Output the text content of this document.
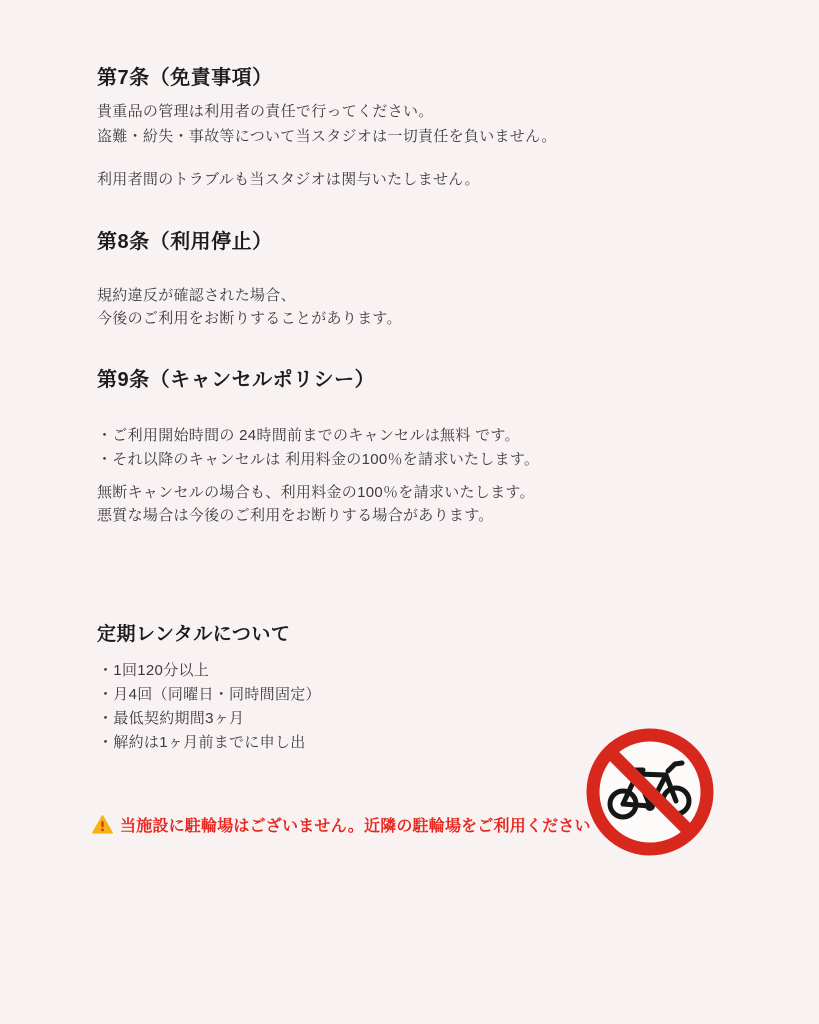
第7条（免責事項）

貴重品の管理は利用者の責任で行ってください。
盗難・紛失・事故等について当スタジオは一切責任を負いません。

利用者間のトラブルも当スタジオは関与いたしません。

第8条（利用停止）

規約違反が確認された場合、
今後のご利用をお断りすることがあります。

第9条（キャンセルポリシー）

・ご利用開始時間の 24時間前までのキャンセルは無料 です。
・それ以降のキャンセルは 利用料金の100％を請求いたします。

無断キャンセルの場合も、利用料金の100％を請求いたします。
悪質な場合は今後のご利用をお断りする場合があります。

定期レンタルについて
・1回120分以上
・月4回（同曜日・同時間固定）
・最低契約期間3ヶ月
・解約は1ヶ月前までに申し出
当施設に駐輪場はございません。近隣の駐輪場をご利用ください
